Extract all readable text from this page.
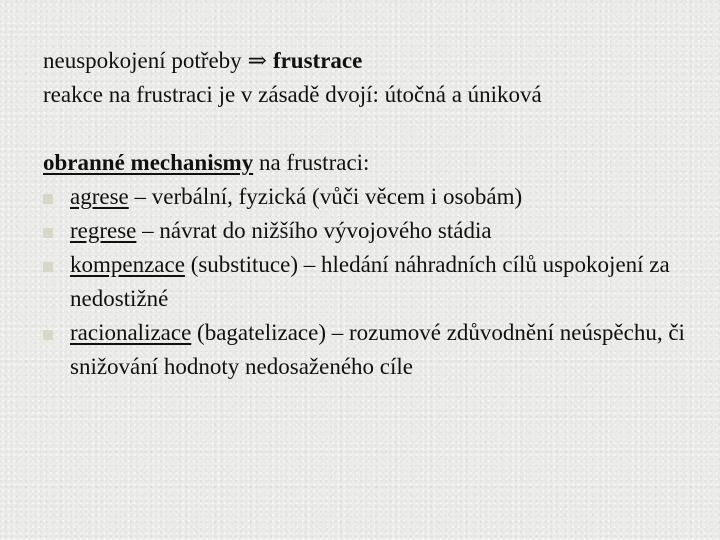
neuspokojení potřeby ⇒ frustrace
reakce na frustraci je v zásadě dvojí: útočná a úniková
obranné mechanismy na frustraci:
agrese – verbální, fyzická (vůči věcem i osobám)
regrese – návrat do nižšího vývojového stádia
kompenzace (substituce) – hledání náhradních cílů uspokojení za nedostižné
racionalizace (bagatelizace) – rozumové zdůvodnění neúspěchu, či snižování hodnoty nedosaženého cíle
